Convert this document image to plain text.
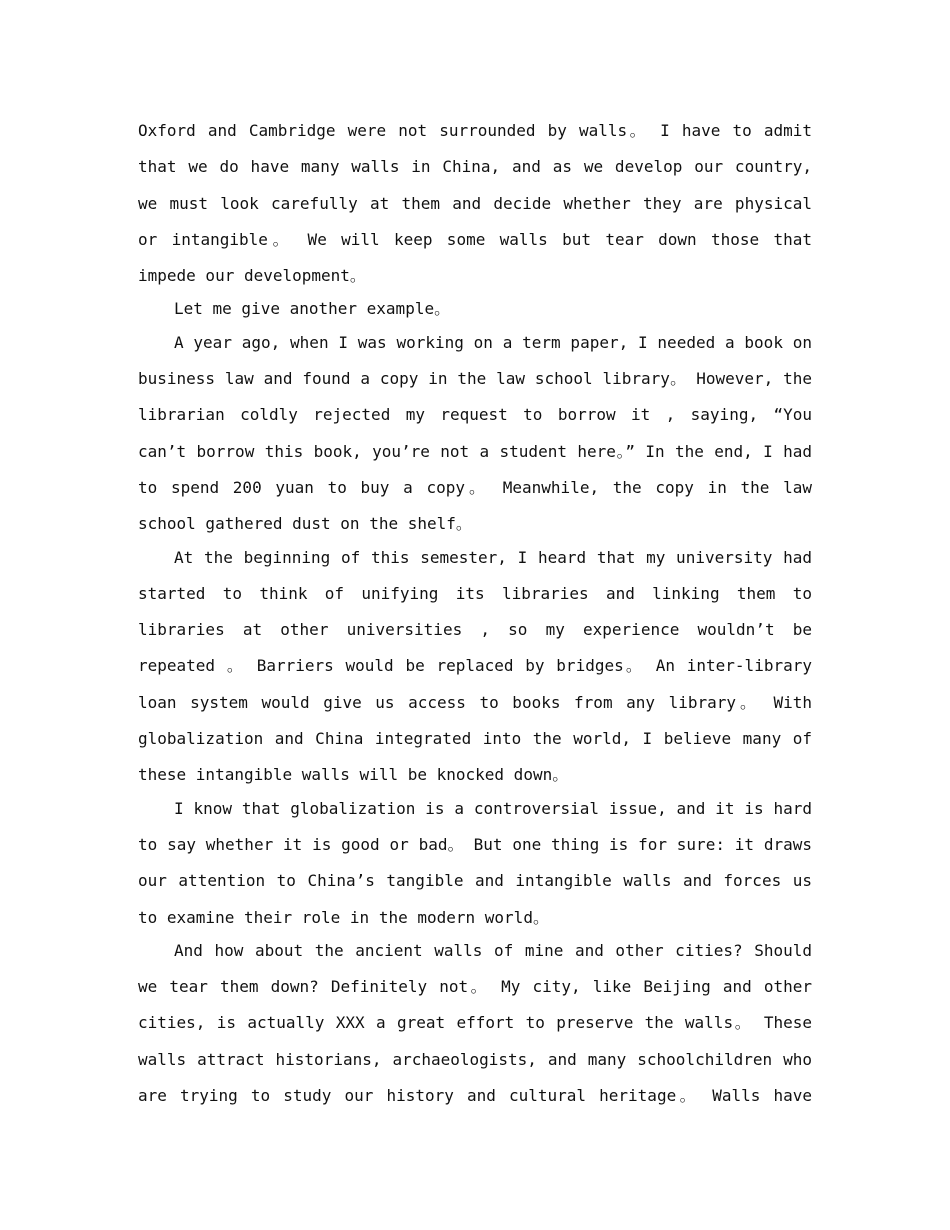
Oxford and Cambridge were not surrounded by walls。 I have to admit that we do have many walls in China, and as we develop our country, we must look carefully at them and decide whether they are physical or intangible。 We will keep some walls but tear down those that impede our development。

Let me give another example。

A year ago, when I was working on a term paper, I needed a book on business law and found a copy in the law school library。 However, the librarian coldly rejected my request to borrow it , saying, “You can’t borrow this book, you’re not a student here。” In the end, I had to spend 200 yuan to buy a copy。 Meanwhile, the copy in the law school gathered dust on the shelf。

At the beginning of this semester, I heard that my university had started to think of unifying its libraries and linking them to libraries at other universities , so my experience wouldn’t be repeated 。 Barriers would be replaced by bridges。 An inter-library loan system would give us access to books from any library。 With globalization and China integrated into the world, I believe many of these intangible walls will be knocked down。

I know that globalization is a controversial issue, and it is hard to say whether it is good or bad。 But one thing is for sure: it draws our attention to China’s tangible and intangible walls and forces us to examine their role in the modern world。

And how about the ancient walls of mine and other cities? Should we tear them down? Definitely not。 My city, like Beijing and other cities, is actually XXX a great effort to preserve the walls。 These walls attract historians, archaeologists, and many schoolchildren who are trying to study our history and cultural heritage。 Walls have
